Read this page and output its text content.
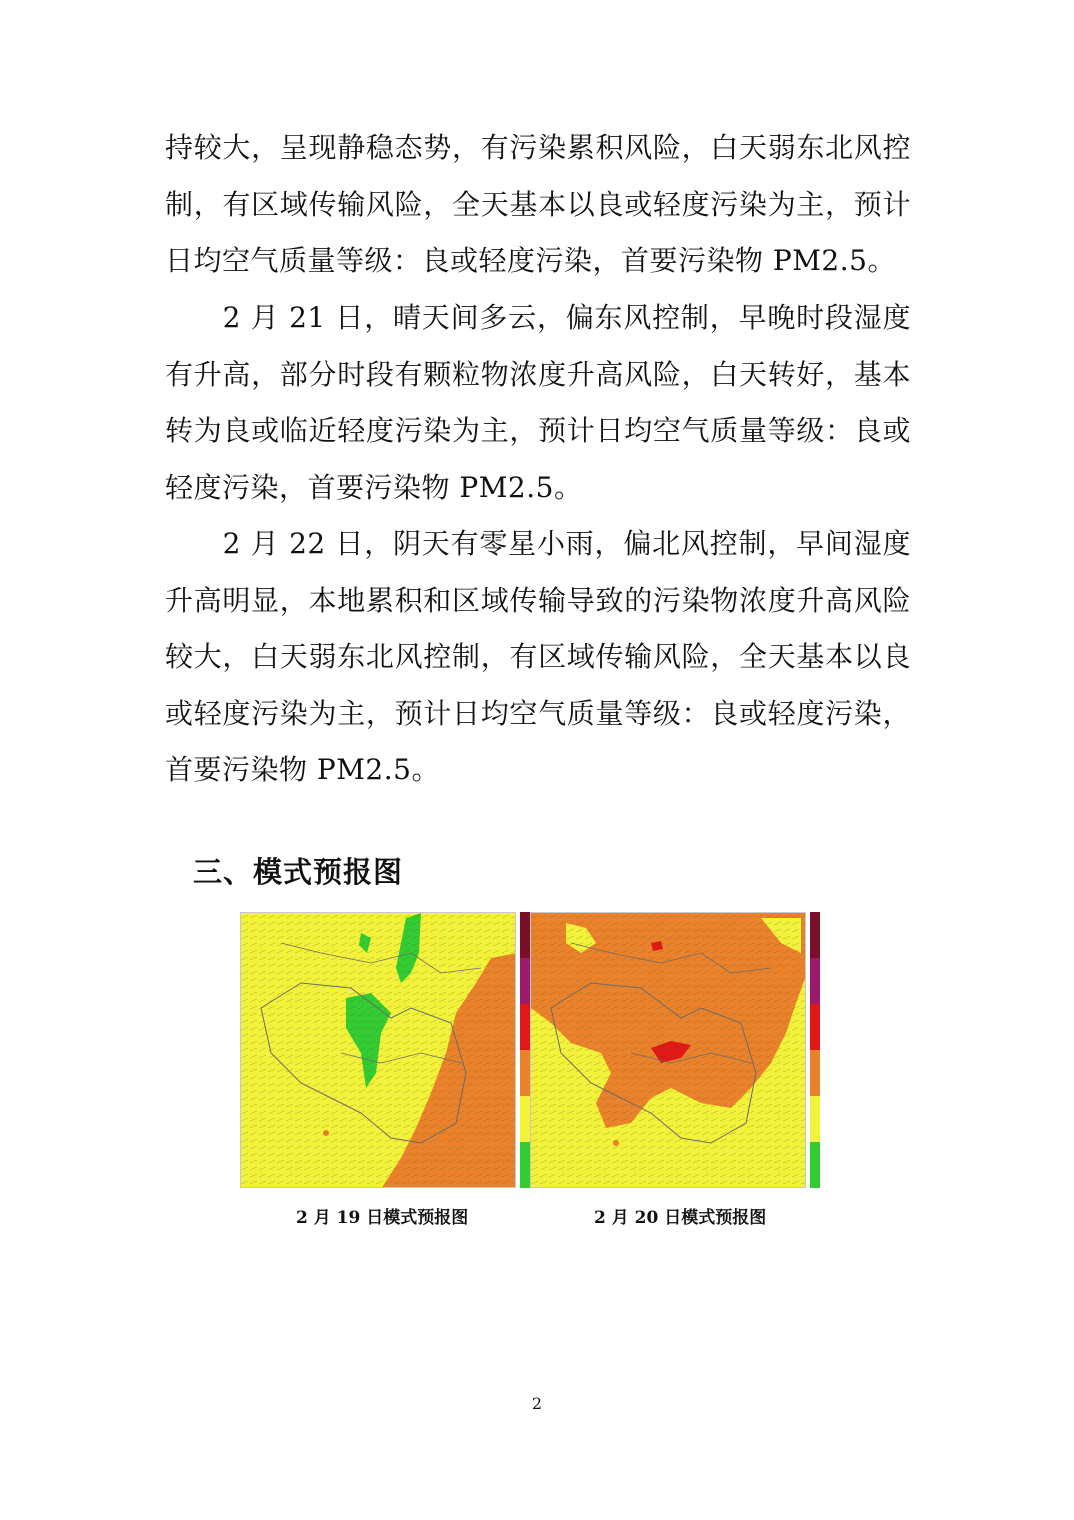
持较大，呈现静稳态势，有污染累积风险，白天弱东北风控制，有区域传输风险，全天基本以良或轻度污染为主，预计日均空气质量等级：良或轻度污染，首要污染物 PM2.5。

　　2 月 21 日，晴天间多云，偏东风控制，早晚时段湿度有升高，部分时段有颗粒物浓度升高风险，白天转好，基本转为良或临近轻度污染为主，预计日均空气质量等级：良或轻度污染，首要污染物 PM2.5。

　　2 月 22 日，阴天有零星小雨，偏北风控制，早间湿度升高明显，本地累积和区域传输导致的污染物浓度升高风险较大，白天弱东北风控制，有区域传输风险，全天基本以良或轻度污染为主，预计日均空气质量等级：良或轻度污染，首要污染物 PM2.5。

三、模式预报图

2 月 19 日模式预报图	2 月 20 日模式预报图

2
